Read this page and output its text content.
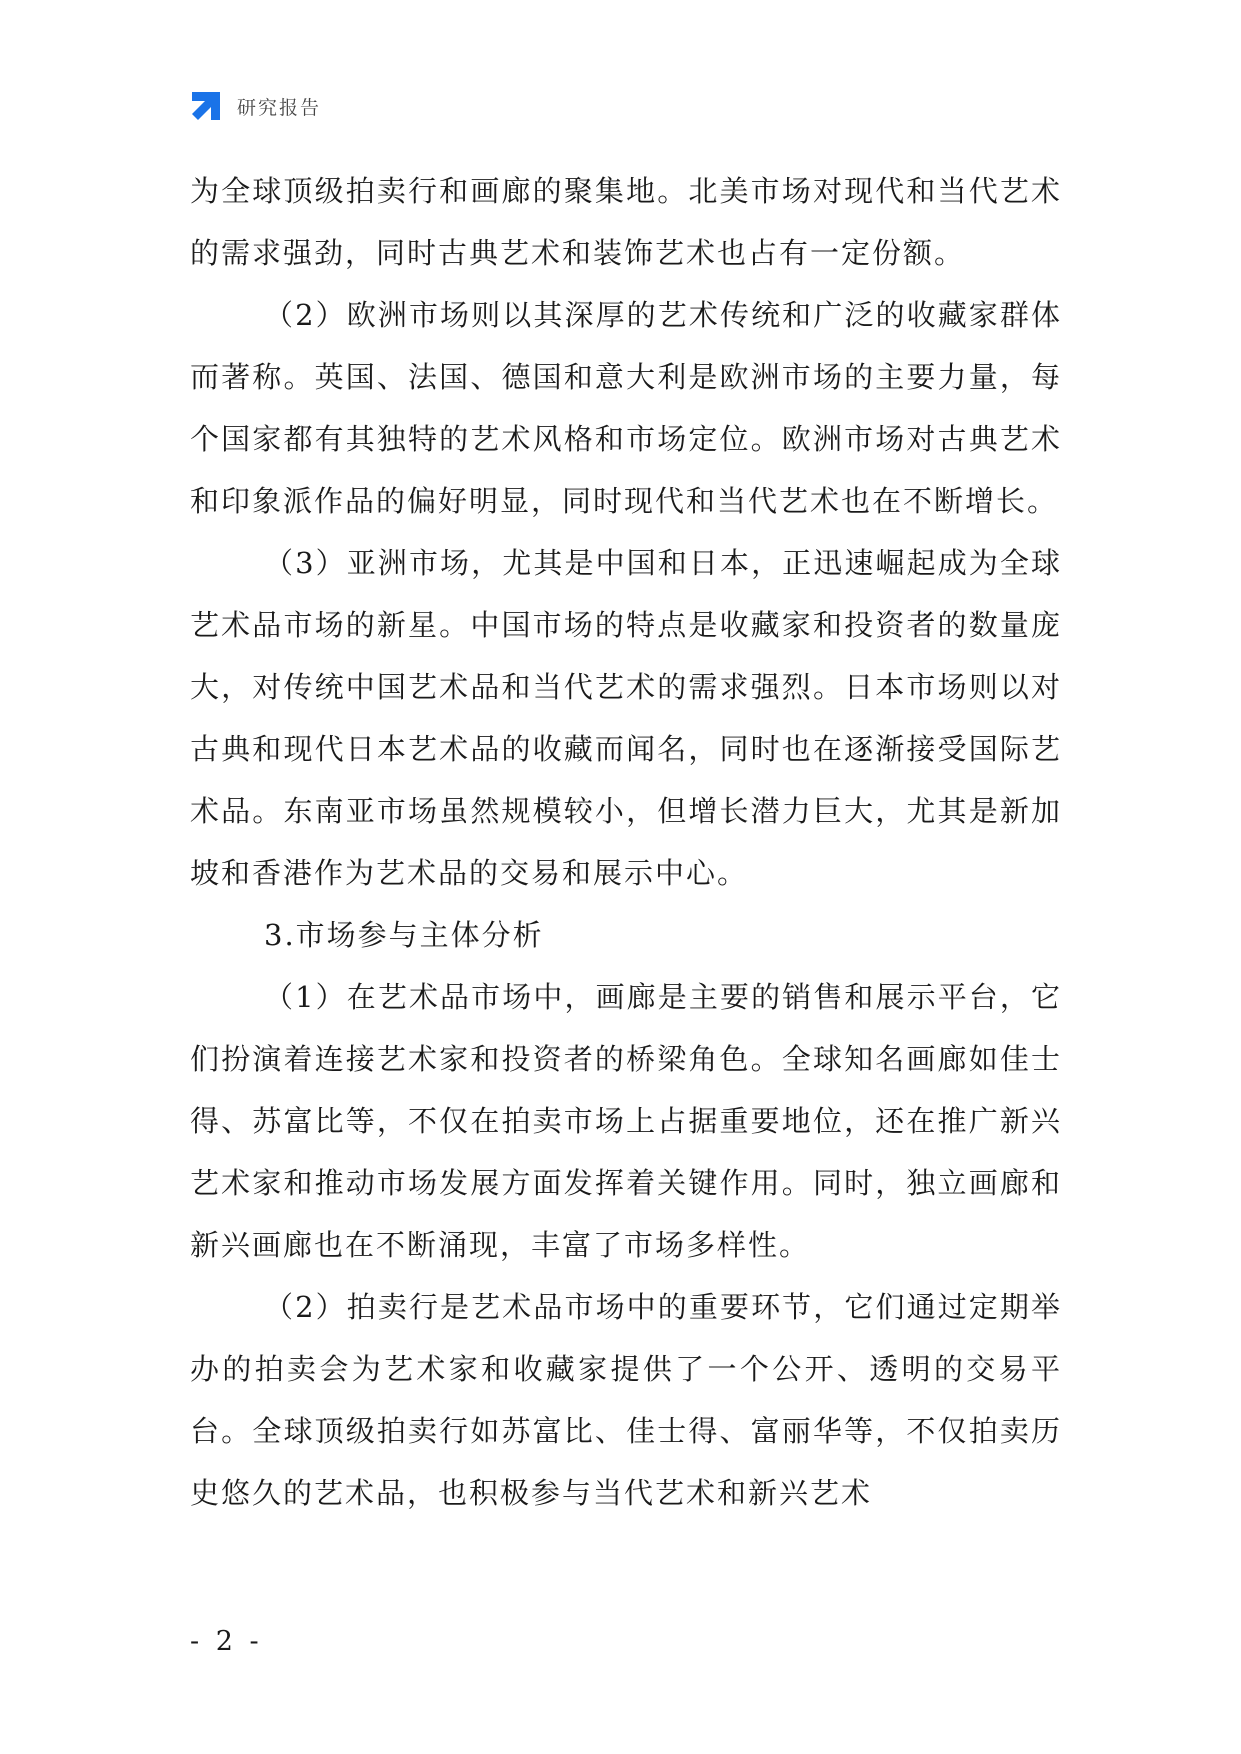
研究报告

为全球顶级拍卖行和画廊的聚集地。北美市场对现代和当代艺术的需求强劲，同时古典艺术和装饰艺术也占有一定份额。

（2）欧洲市场则以其深厚的艺术传统和广泛的收藏家群体而著称。英国、法国、德国和意大利是欧洲市场的主要力量，每个国家都有其独特的艺术风格和市场定位。欧洲市场对古典艺术和印象派作品的偏好明显，同时现代和当代艺术也在不断增长。

（3）亚洲市场，尤其是中国和日本，正迅速崛起成为全球艺术品市场的新星。中国市场的特点是收藏家和投资者的数量庞大，对传统中国艺术品和当代艺术的需求强烈。日本市场则以对古典和现代日本艺术品的收藏而闻名，同时也在逐渐接受国际艺术品。东南亚市场虽然规模较小，但增长潜力巨大，尤其是新加坡和香港作为艺术品的交易和展示中心。

3.市场参与主体分析

（1）在艺术品市场中，画廊是主要的销售和展示平台，它们扮演着连接艺术家和投资者的桥梁角色。全球知名画廊如佳士得、苏富比等，不仅在拍卖市场上占据重要地位，还在推广新兴艺术家和推动市场发展方面发挥着关键作用。同时，独立画廊和新兴画廊也在不断涌现，丰富了市场多样性。

（2）拍卖行是艺术品市场中的重要环节，它们通过定期举办的拍卖会为艺术家和收藏家提供了一个公开、透明的交易平台。全球顶级拍卖行如苏富比、佳士得、富丽华等，不仅拍卖历史悠久的艺术品，也积极参与当代艺术和新兴艺术

- 2 -
